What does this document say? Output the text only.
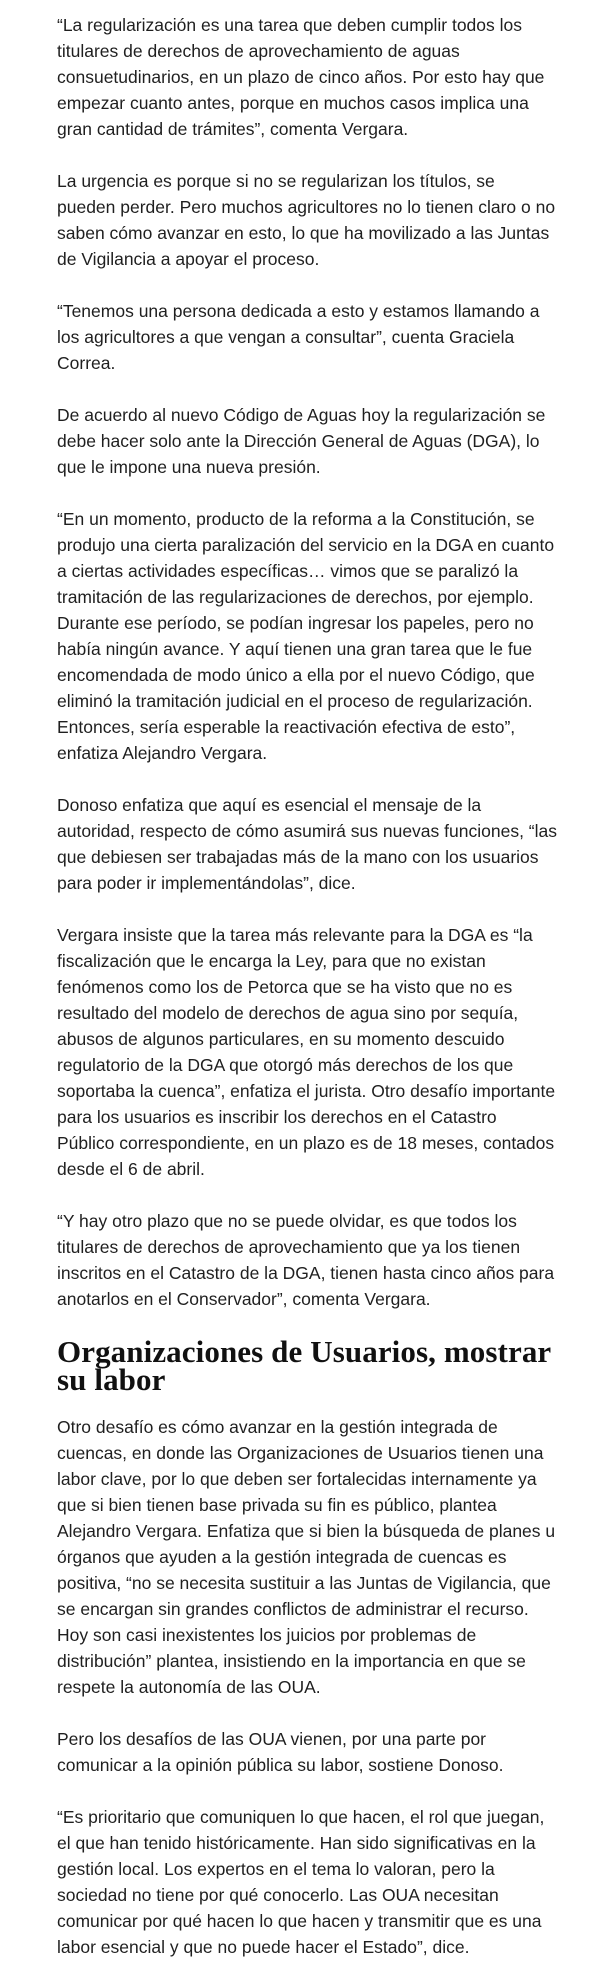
“La regularización es una tarea que deben cumplir todos los titulares de derechos de aprovechamiento de aguas consuetudinarios, en un plazo de cinco años. Por esto hay que empezar cuanto antes, porque en muchos casos implica una gran cantidad de trámites”, comenta Vergara.

La urgencia es porque si no se regularizan los títulos, se pueden perder. Pero muchos agricultores no lo tienen claro o no saben cómo avanzar en esto, lo que ha movilizado a las Juntas de Vigilancia a apoyar el proceso.

“Tenemos una persona dedicada a esto y estamos llamando a los agricultores a que vengan a consultar”, cuenta Graciela Correa.

De acuerdo al nuevo Código de Aguas hoy la regularización se debe hacer solo ante la Dirección General de Aguas (DGA), lo que le impone una nueva presión.

“En un momento, producto de la reforma a la Constitución, se produjo una cierta paralización del servicio en la DGA en cuanto a ciertas actividades específicas… vimos que se paralizó la tramitación de las regularizaciones de derechos, por ejemplo. Durante ese período, se podían ingresar los papeles, pero no había ningún avance. Y aquí tienen una gran tarea que le fue encomendada de modo único a ella por el nuevo Código, que eliminó la tramitación judicial en el proceso de regularización. Entonces, sería esperable la reactivación efectiva de esto”, enfatiza Alejandro Vergara.

Donoso enfatiza que aquí es esencial el mensaje de la autoridad, respecto de cómo asumirá sus nuevas funciones, “las que debiesen ser trabajadas más de la mano con los usuarios para poder ir implementándolas”, dice.

Vergara insiste que la tarea más relevante para la DGA es “la fiscalización que le encarga la Ley, para que no existan fenómenos como los de Petorca que se ha visto que no es resultado del modelo de derechos de agua sino por sequía, abusos de algunos particulares, en su momento descuido regulatorio de la DGA que otorgó más derechos de los que soportaba la cuenca”, enfatiza el jurista. Otro desafío importante para los usuarios es inscribir los derechos en el Catastro Público correspondiente, en un plazo es de 18 meses, contados desde el 6 de abril.

“Y hay otro plazo que no se puede olvidar, es que todos los titulares de derechos de aprovechamiento que ya los tienen inscritos en el Catastro de la DGA, tienen hasta cinco años para anotarlos en el Conservador”, comenta Vergara.

Organizaciones de Usuarios, mostrar su labor

Otro desafío es cómo avanzar en la gestión integrada de cuencas, en donde las Organizaciones de Usuarios tienen una labor clave, por lo que deben ser fortalecidas internamente ya que si bien tienen base privada su fin es público, plantea Alejandro Vergara. Enfatiza que si bien la búsqueda de planes u órganos que ayuden a la gestión integrada de cuencas es positiva, “no se necesita sustituir a las Juntas de Vigilancia, que se encargan sin grandes conflictos de administrar el recurso. Hoy son casi inexistentes los juicios por problemas de distribución” plantea, insistiendo en la importancia en que se respete la autonomía de las OUA.

Pero los desafíos de las OUA vienen, por una parte por comunicar a la opinión pública su labor, sostiene Donoso.

“Es prioritario que comuniquen lo que hacen, el rol que juegan, el que han tenido históricamente. Han sido significativas en la gestión local. Los expertos en el tema lo valoran, pero la sociedad no tiene por qué conocerlo. Las OUA necesitan comunicar por qué hacen lo que hacen y transmitir que es una labor esencial y que no puede hacer el Estado”, dice.
